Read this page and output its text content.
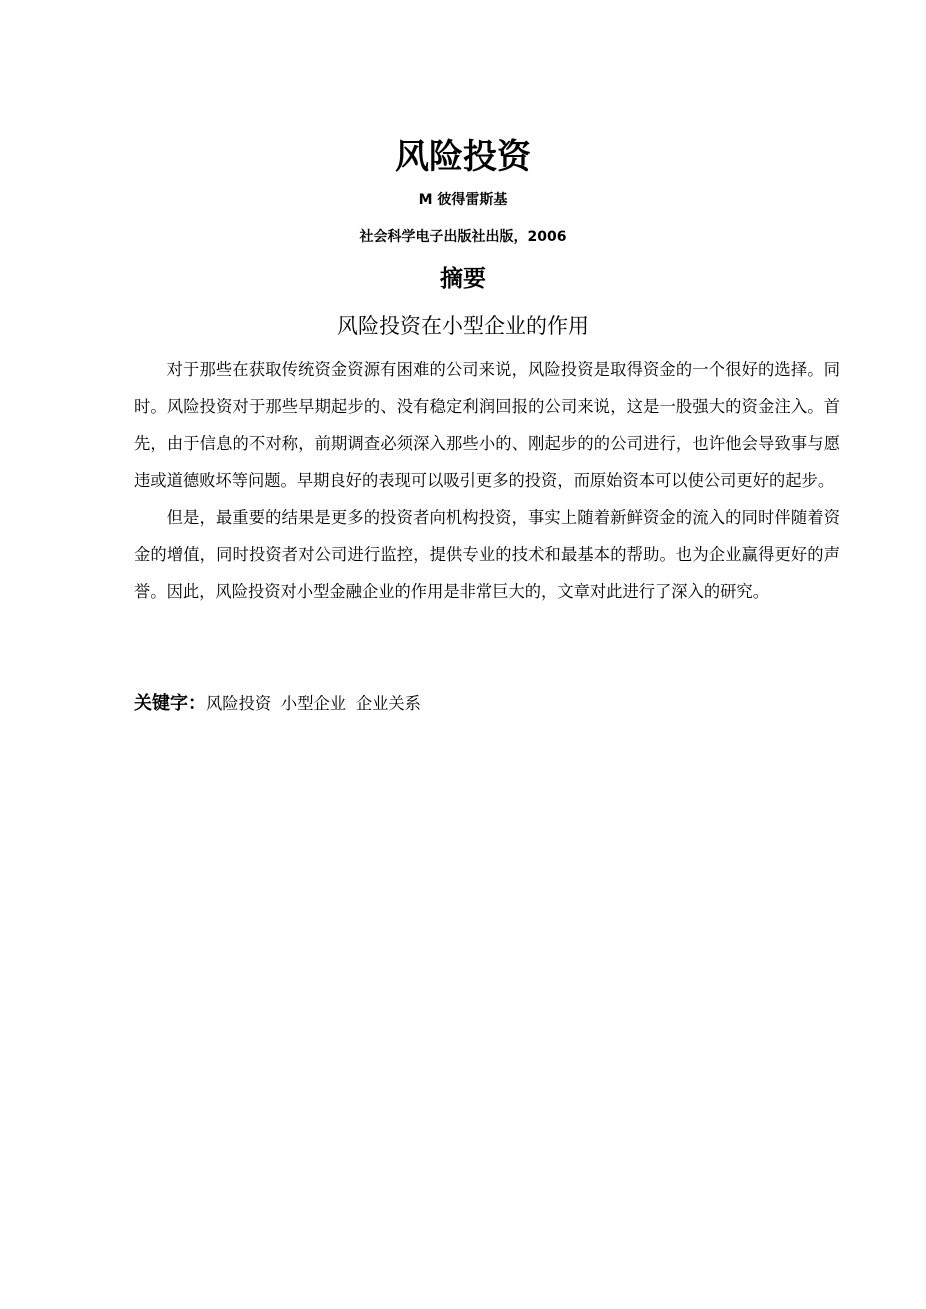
风险投资
M 彼得雷斯基
社会科学电子出版社出版，2006
摘要
风险投资在小型企业的作用

对于那些在获取传统资金资源有困难的公司来说，风险投资是取得资金的一个很好的选择。同时。风险投资对于那些早期起步的、没有稳定利润回报的公司来说，这是一股强大的资金注入。首先，由于信息的不对称，前期调查必须深入那些小的、刚起步的的公司进行，也许他会导致事与愿违或道德败坏等问题。早期良好的表现可以吸引更多的投资，而原始资本可以使公司更好的起步。

但是，最重要的结果是更多的投资者向机构投资，事实上随着新鲜资金的流入的同时伴随着资金的增值，同时投资者对公司进行监控，提供专业的技术和最基本的帮助。也为企业赢得更好的声誉。因此，风险投资对小型金融企业的作用是非常巨大的，文章对此进行了深入的研究。

关键字：风险投资 小型企业 企业关系
